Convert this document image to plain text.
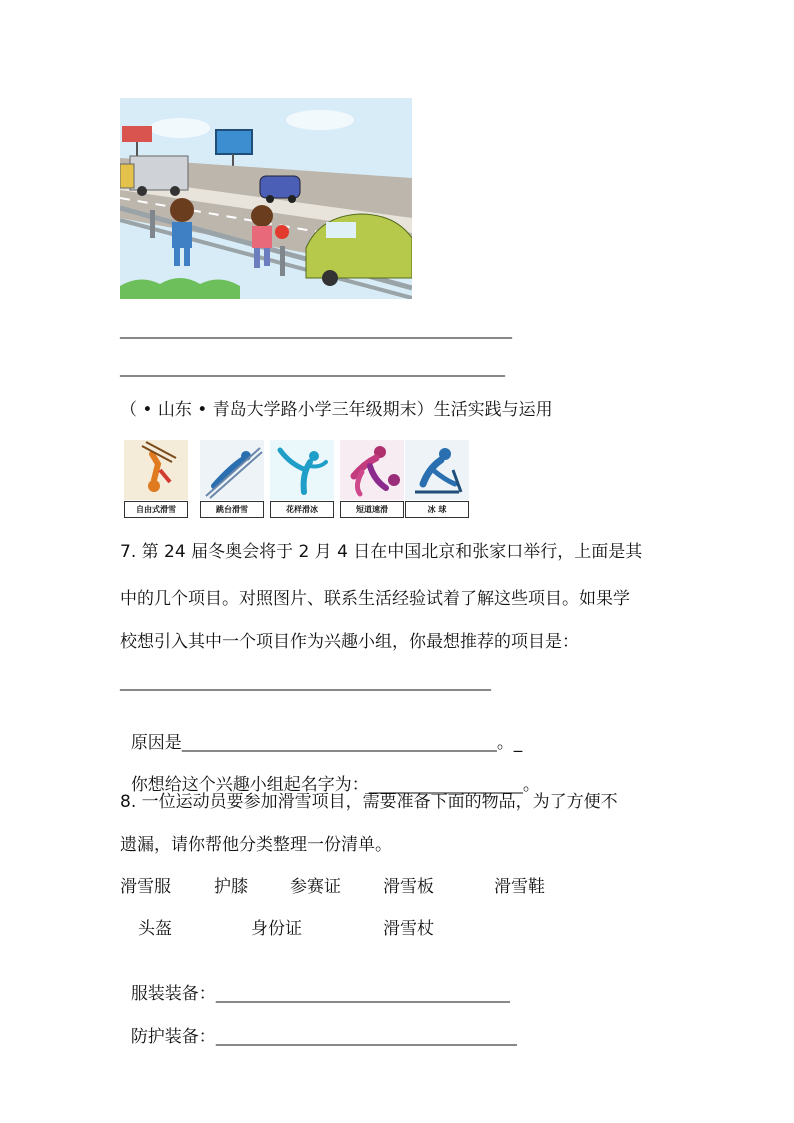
________________________________________________________
_______________________________________________________
（ • 山东 • 青岛大学路小学三年级期末）生活实践与运用
自由式滑雪	跳台滑雪	花样滑冰	短道速滑	冰 球
7. 第 24 届冬奥会将于 2 月 4 日在中国北京和张家口举行，上面是其
中的几个项目。对照图片、联系生活经验试着了解这些项目。如果学
校想引入其中一个项目作为兴趣小组，你最想推荐的项目是：
_____________________________________________________

原因是_____________________________________________。_

你想给这个兴趣小组起名字为：______________________。

8. 一位运动员要参加滑雪项目，需要准备下面的物品，为了方便不
遗漏，请你帮他分类整理一份清单。
滑雪服	护膝 参赛证 滑雪板	滑雪鞋
头盔	身份证	滑雪杖

服装装备：__________________________________________

防护装备：___________________________________________
